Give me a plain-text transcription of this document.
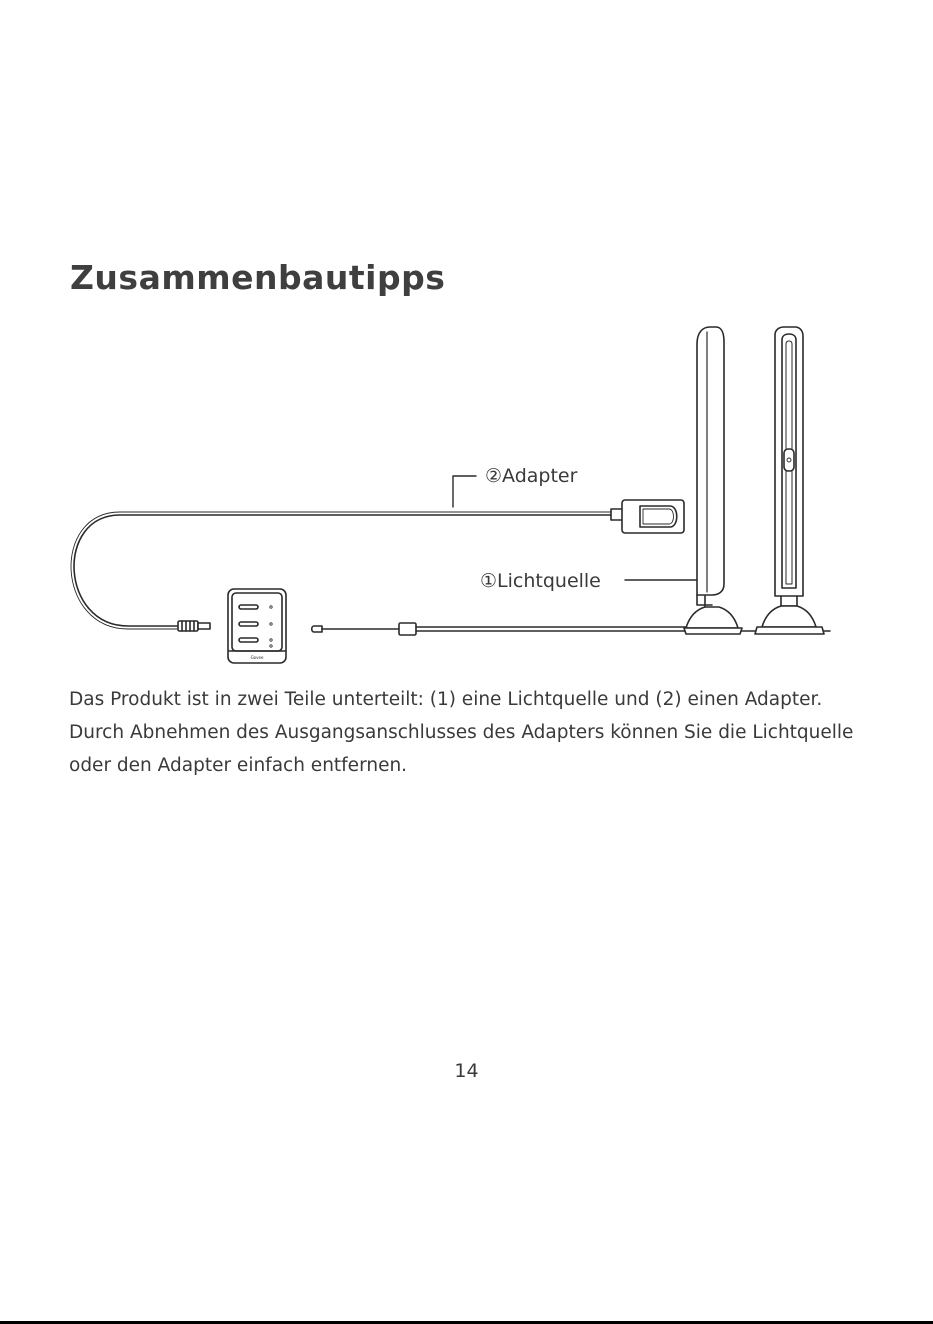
Zusammenbautipps
②Adapter
①Lichtquelle
Govee

Das Produkt ist in zwei Teile unterteilt: (1) eine Lichtquelle und (2) einen Adapter. Durch Abnehmen des Ausgangsanschlusses des Adapters können Sie die Lichtquelle oder den Adapter einfach entfernen.

14
